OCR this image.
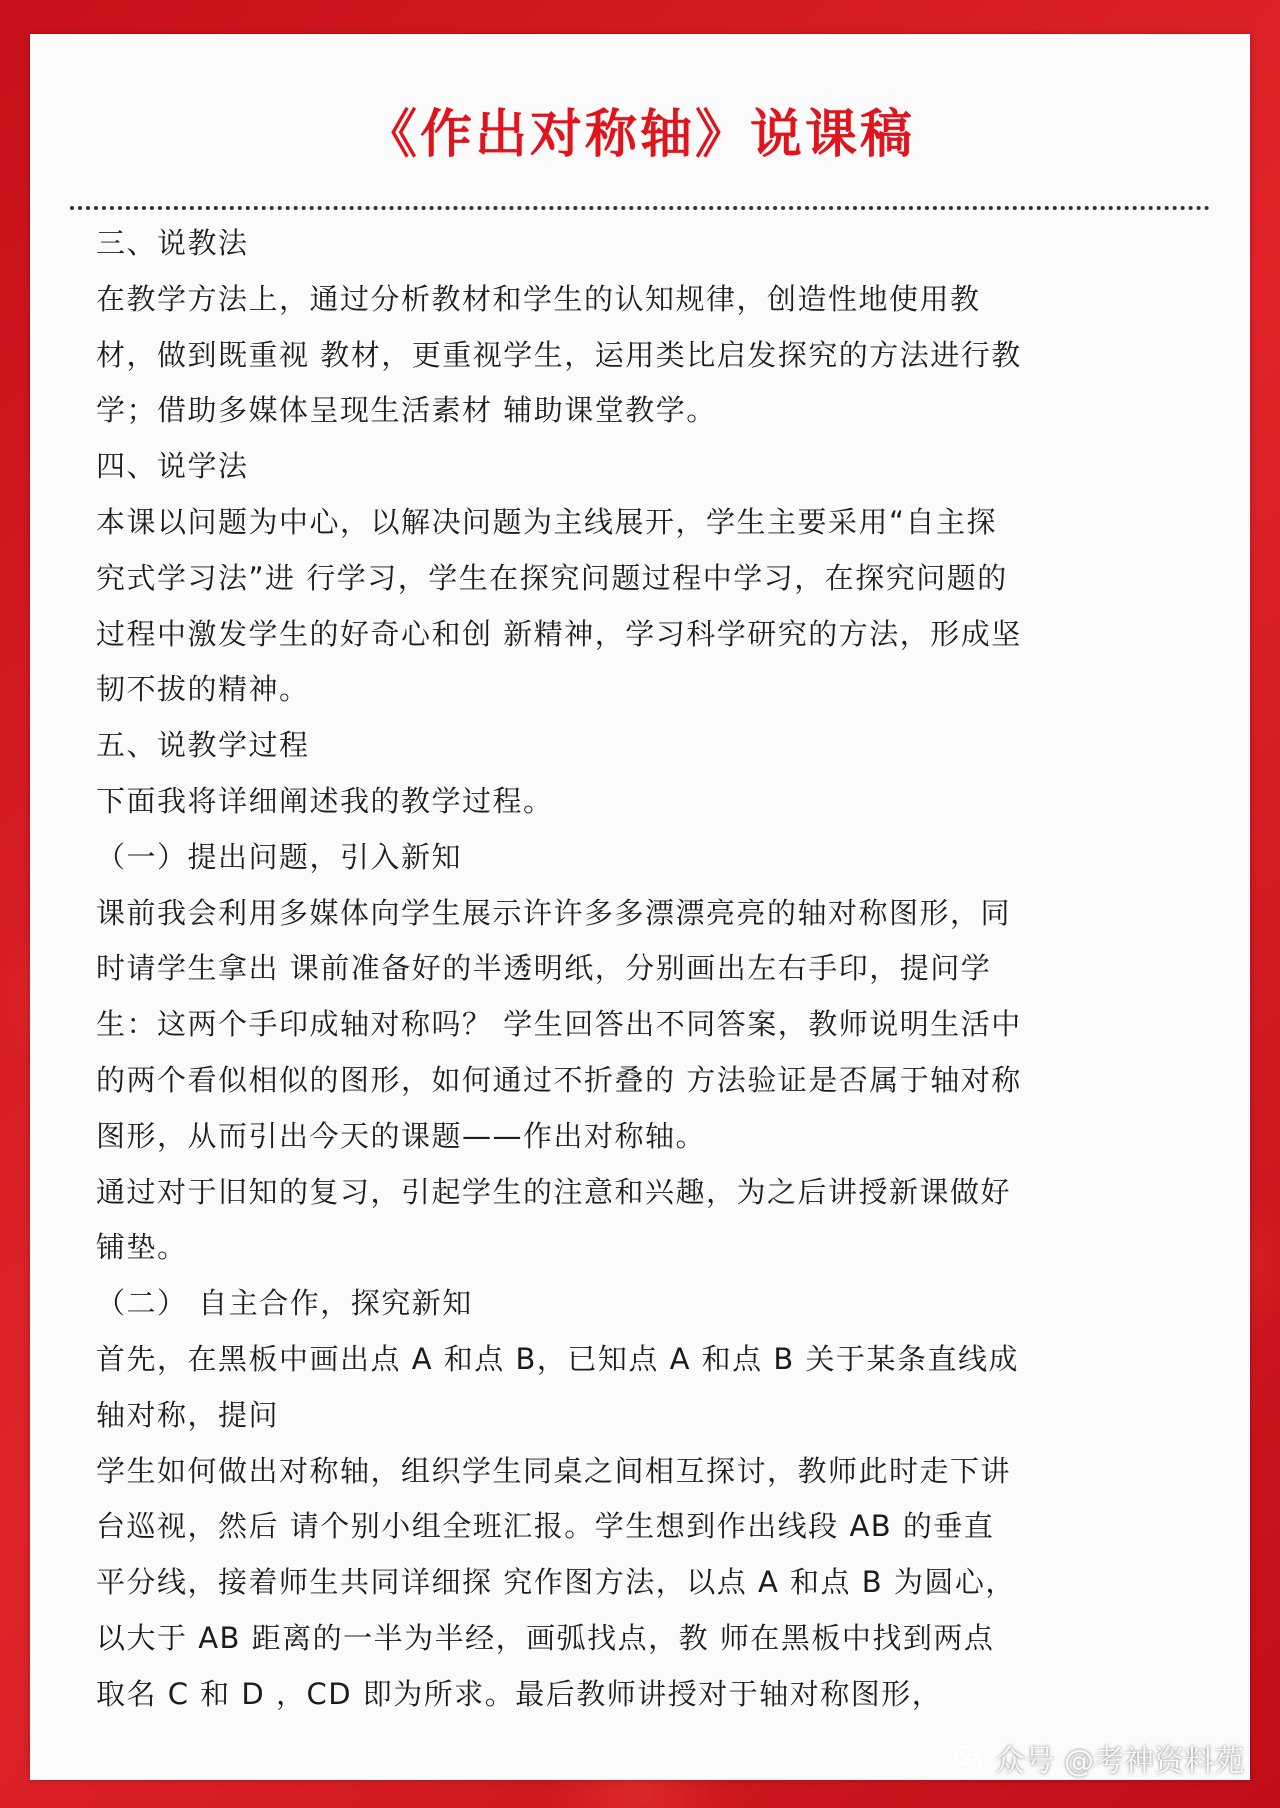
《作出对称轴》说课稿
三、说教法
在教学方法上，通过分析教材和学生的认知规律，创造性地使用教
材，做到既重视 教材，更重视学生，运用类比启发探究的方法进行教
学；借助多媒体呈现生活素材 辅助课堂教学。
四、说学法
本课以问题为中心，以解决问题为主线展开，学生主要采用“自主探
究式学习法”进 行学习，学生在探究问题过程中学习，在探究问题的
过程中激发学生的好奇心和创 新精神，学习科学研究的方法，形成坚
韧不拔的精神。
五、说教学过程
下面我将详细阐述我的教学过程。
（一）提出问题，引入新知
课前我会利用多媒体向学生展示许许多多漂漂亮亮的轴对称图形，同
时请学生拿出 课前准备好的半透明纸，分别画出左右手印，提问学
生：这两个手印成轴对称吗？ 学生回答出不同答案，教师说明生活中
的两个看似相似的图形，如何通过不折叠的 方法验证是否属于轴对称
图形，从而引出今天的课题——作出对称轴。
通过对于旧知的复习，引起学生的注意和兴趣，为之后讲授新课做好
铺垫。
（二） 自主合作，探究新知
首先，在黑板中画出点 A 和点 B，已知点 A 和点 B 关于某条直线成
轴对称，提问
学生如何做出对称轴，组织学生同桌之间相互探讨，教师此时走下讲
台巡视，然后 请个别小组全班汇报。学生想到作出线段 AB 的垂直
平分线，接着师生共同详细探 究作图方法，以点 A 和点 B 为圆心，
以大于 AB 距离的一半为半经，画弧找点，教 师在黑板中找到两点
取名 C 和 D ，CD 即为所求。最后教师讲授对于轴对称图形，
众号 @考神资料苑
